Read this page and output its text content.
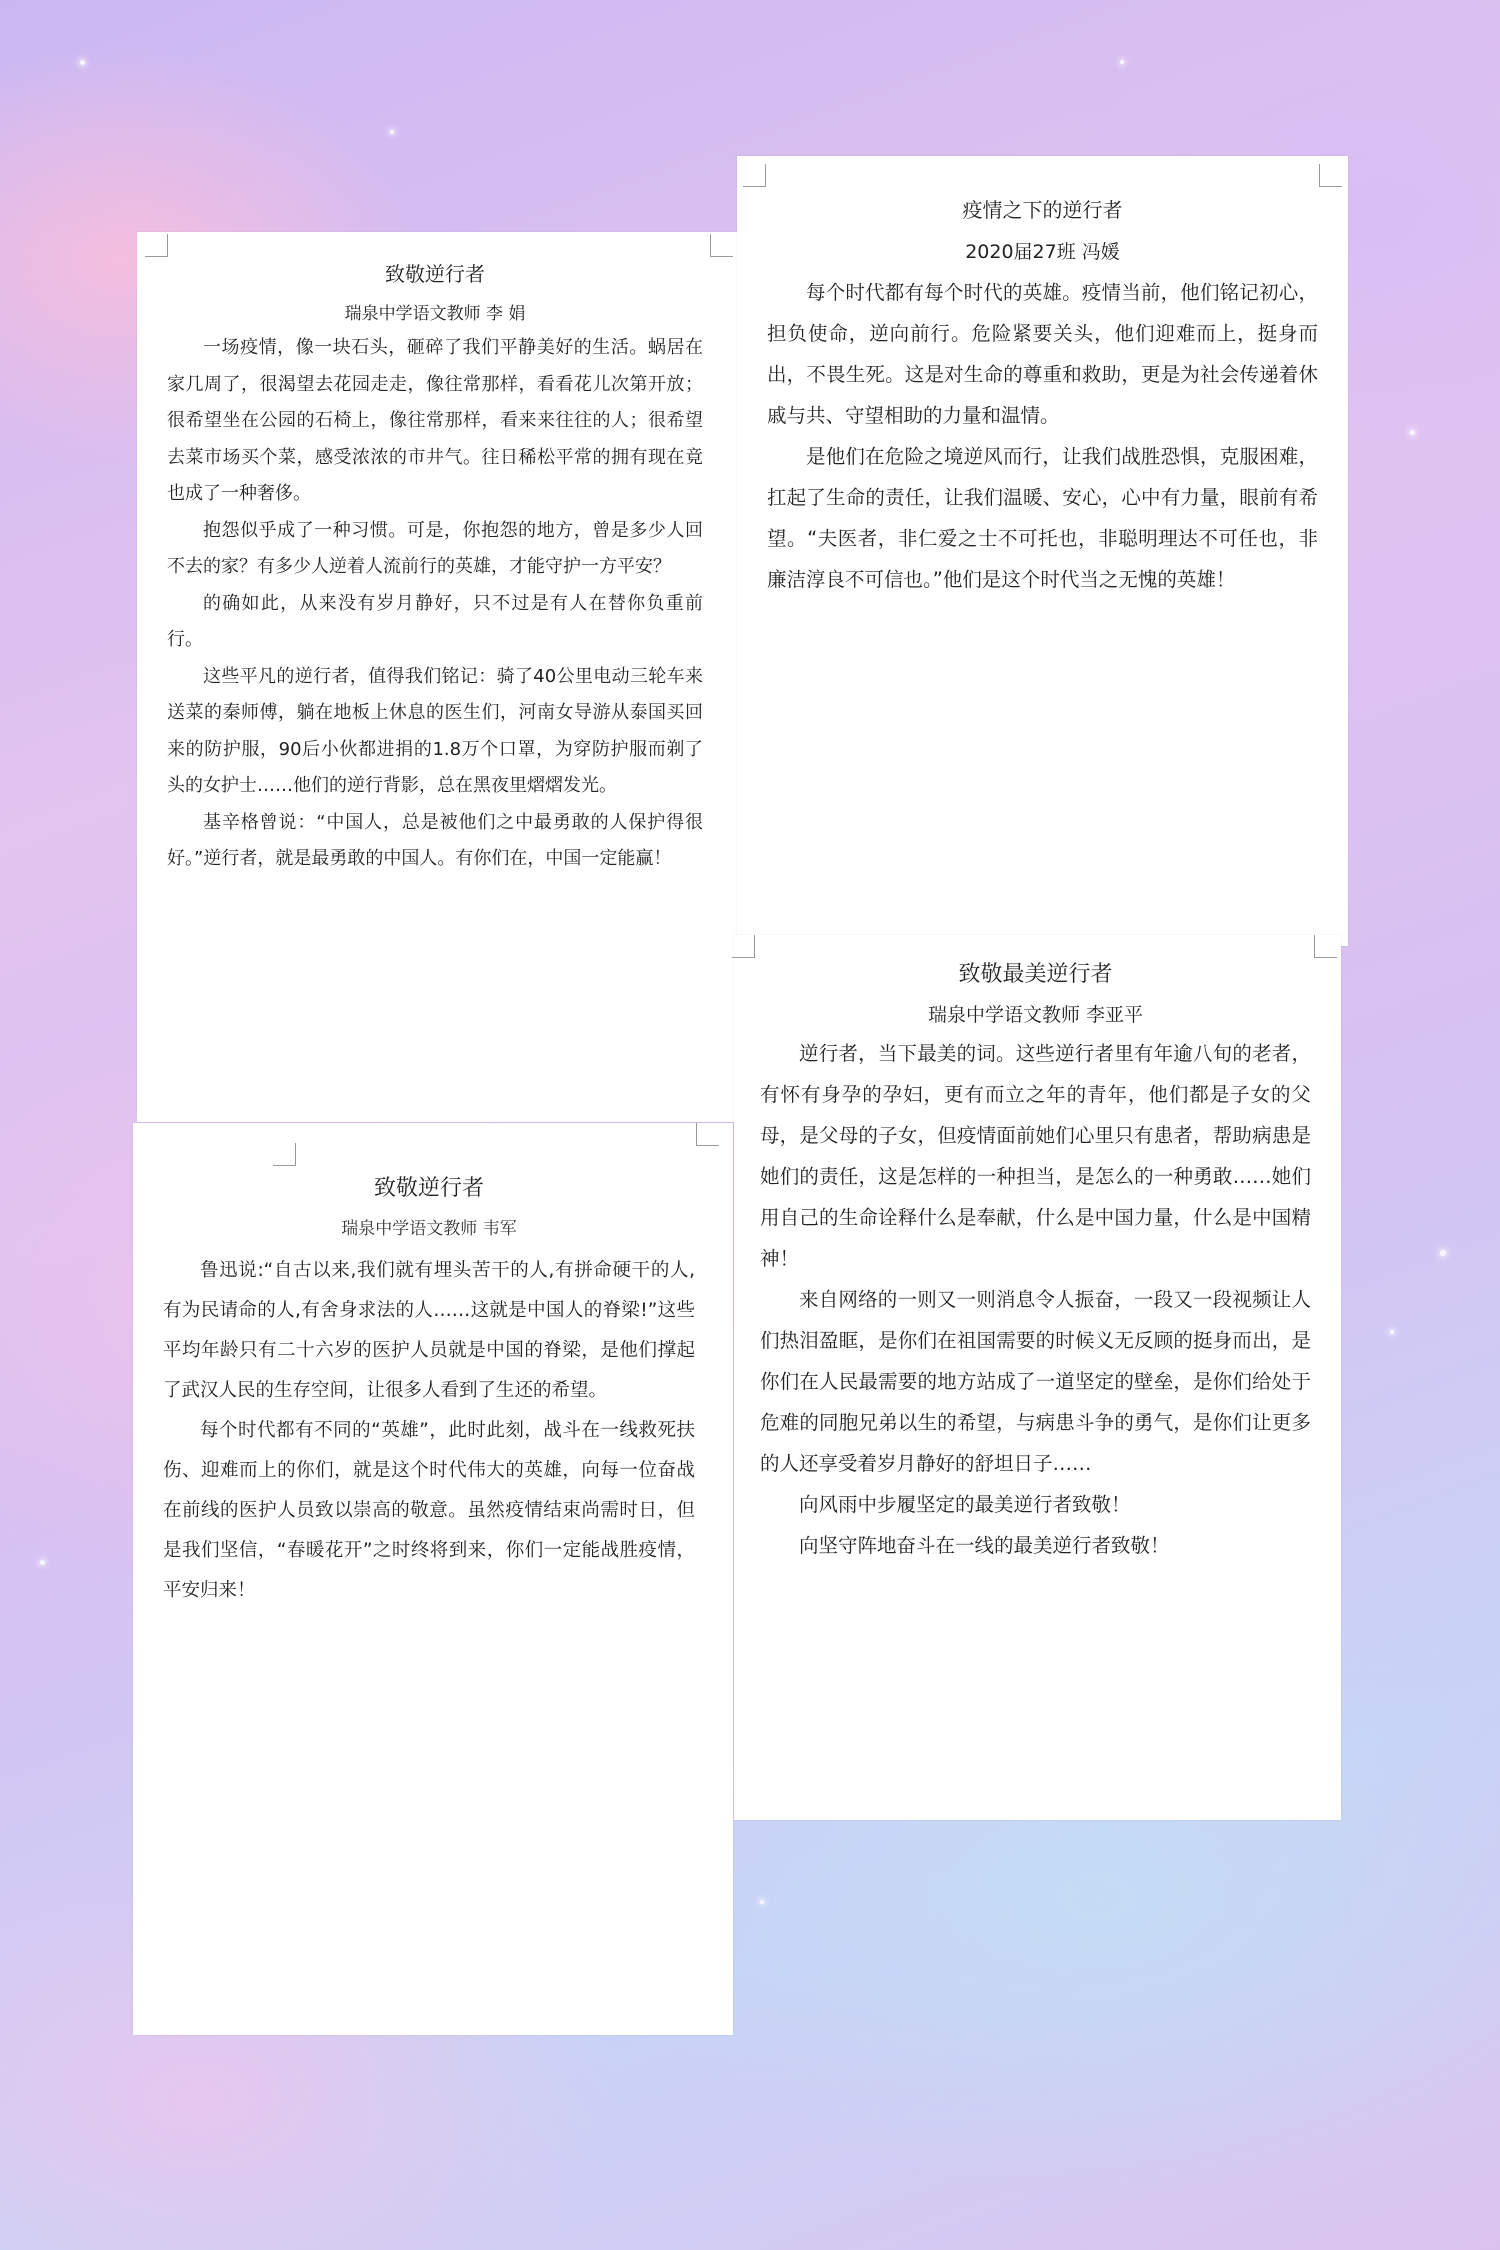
致敬逆行者
瑞泉中学语文教师 韦军

鲁迅说:“自古以来,我们就有埋头苦干的人,有拼命硬干的人,有为民请命的人,有舍身求法的人……这就是中国人的脊梁!”这些平均年龄只有二十六岁的医护人员就是中国的脊梁，是他们撑起了武汉人民的生存空间，让很多人看到了生还的希望。

每个时代都有不同的“英雄”，此时此刻，战斗在一线救死扶伤、迎难而上的你们，就是这个时代伟大的英雄，向每一位奋战在前线的医护人员致以崇高的敬意。虽然疫情结束尚需时日，但是我们坚信，“春暖花开”之时终将到来，你们一定能战胜疫情，平安归来！

致敬逆行者
瑞泉中学语文教师 李 娟

一场疫情，像一块石头，砸碎了我们平静美好的生活。蜗居在家几周了，很渴望去花园走走，像往常那样，看看花儿次第开放；很希望坐在公园的石椅上，像往常那样，看来来往往的人；很希望去菜市场买个菜，感受浓浓的市井气。往日稀松平常的拥有现在竟也成了一种奢侈。

抱怨似乎成了一种习惯。可是，你抱怨的地方，曾是多少人回不去的家？有多少人逆着人流前行的英雄，才能守护一方平安？

的确如此，从来没有岁月静好，只不过是有人在替你负重前行。

这些平凡的逆行者，值得我们铭记：骑了40公里电动三轮车来送菜的秦师傅，躺在地板上休息的医生们，河南女导游从泰国买回来的防护服，90后小伙都进捐的1.8万个口罩，为穿防护服而剃了头的女护士……他们的逆行背影，总在黑夜里熠熠发光。

基辛格曾说：“中国人，总是被他们之中最勇敢的人保护得很好。”逆行者，就是最勇敢的中国人。有你们在，中国一定能赢！

疫情之下的逆行者
2020届27班 冯媛

每个时代都有每个时代的英雄。疫情当前，他们铭记初心，担负使命，逆向前行。危险紧要关头，他们迎难而上，挺身而出，不畏生死。这是对生命的尊重和救助，更是为社会传递着休戚与共、守望相助的力量和温情。

是他们在危险之境逆风而行，让我们战胜恐惧，克服困难，扛起了生命的责任，让我们温暖、安心，心中有力量，眼前有希望。“夫医者，非仁爱之士不可托也，非聪明理达不可任也，非廉洁淳良不可信也。”他们是这个时代当之无愧的英雄！

致敬最美逆行者
瑞泉中学语文教师 李亚平

逆行者，当下最美的词。这些逆行者里有年逾八旬的老者，有怀有身孕的孕妇，更有而立之年的青年，他们都是子女的父母，是父母的子女，但疫情面前她们心里只有患者，帮助病患是她们的责任，这是怎样的一种担当，是怎么的一种勇敢……她们用自己的生命诠释什么是奉献，什么是中国力量，什么是中国精神！

来自网络的一则又一则消息令人振奋，一段又一段视频让人们热泪盈眶，是你们在祖国需要的时候义无反顾的挺身而出，是你们在人民最需要的地方站成了一道坚定的壁垒，是你们给处于危难的同胞兄弟以生的希望，与病患斗争的勇气，是你们让更多的人还享受着岁月静好的舒坦日子……

向风雨中步履坚定的最美逆行者致敬！

向坚守阵地奋斗在一线的最美逆行者致敬！
